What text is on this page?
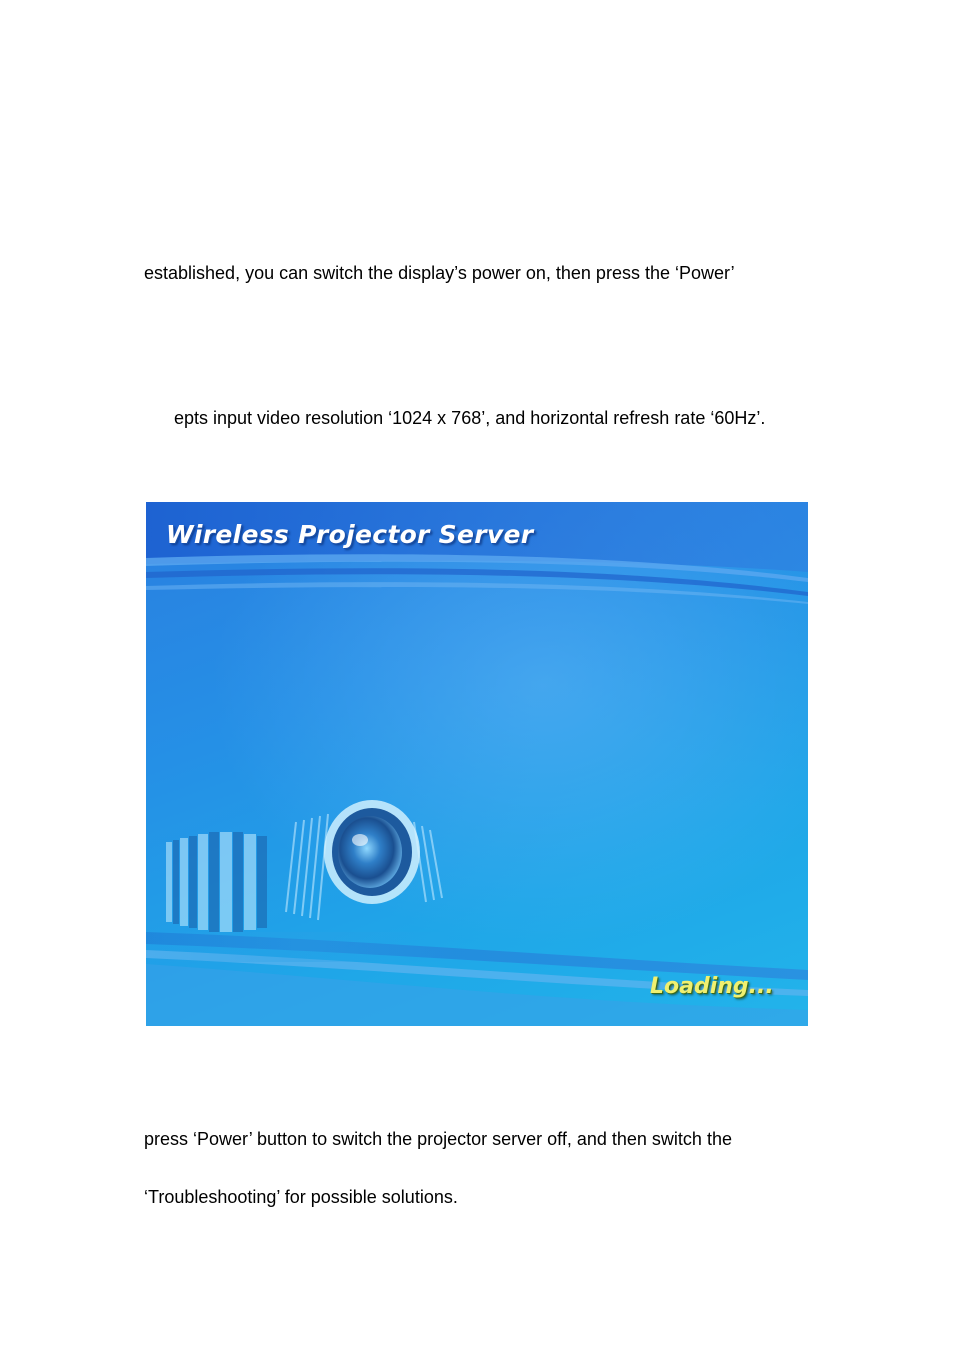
established, you can switch the display’s power on, then press the ‘Power’
epts input video resolution ‘1024 x 768’, and horizontal refresh rate ‘60Hz’.
Wireless Projector Server
Loading...
press ‘Power’ button to switch the projector server off, and then switch the
‘Troubleshooting’ for possible solutions.
